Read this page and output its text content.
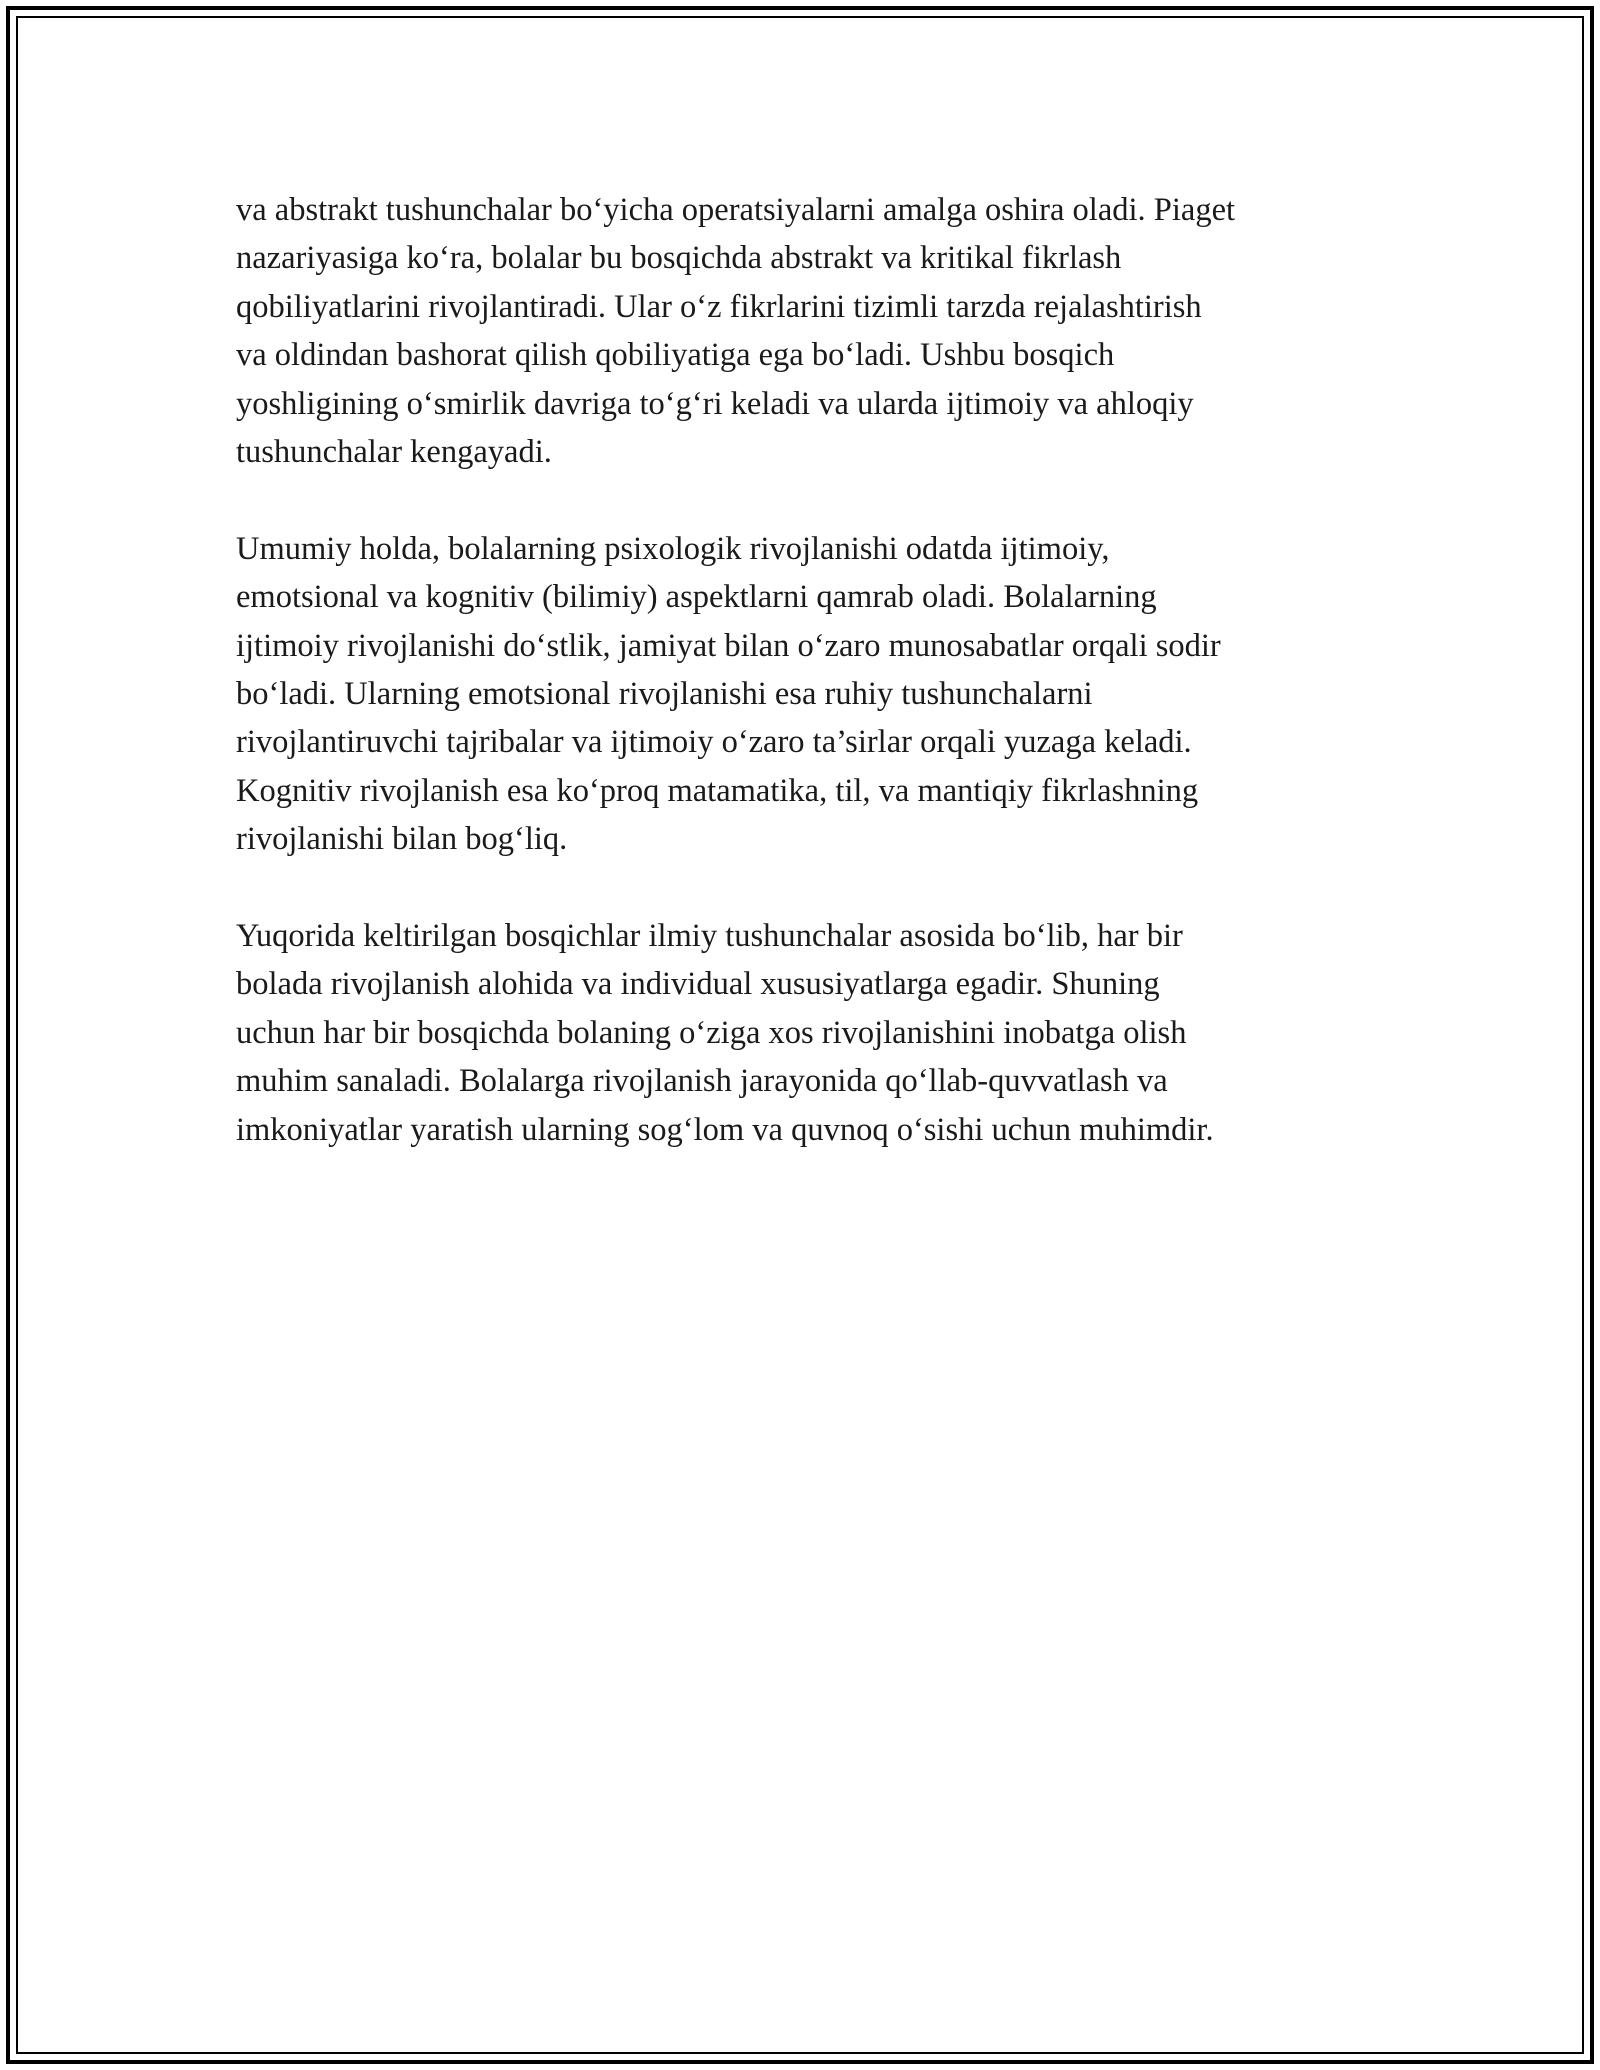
va abstrakt tushunchalar bo‘yicha operatsiyalarni amalga oshira oladi. Piaget
nazariyasiga ko‘ra, bolalar bu bosqichda abstrakt va kritikal fikrlash
qobiliyatlarini rivojlantiradi. Ular o‘z fikrlarini tizimli tarzda rejalashtirish
va oldindan bashorat qilish qobiliyatiga ega bo‘ladi. Ushbu bosqich
yoshligining o‘smirlik davriga to‘g‘ri keladi va ularda ijtimoiy va ahloqiy
tushunchalar kengayadi.

Umumiy holda, bolalarning psixologik rivojlanishi odatda ijtimoiy,
emotsional va kognitiv (bilimiy) aspektlarni qamrab oladi. Bolalarning
ijtimoiy rivojlanishi do‘stlik, jamiyat bilan o‘zaro munosabatlar orqali sodir
bo‘ladi. Ularning emotsional rivojlanishi esa ruhiy tushunchalarni
rivojlantiruvchi tajribalar va ijtimoiy o‘zaro ta’sirlar orqali yuzaga keladi.
Kognitiv rivojlanish esa ko‘proq matamatika, til, va mantiqiy fikrlashning
rivojlanishi bilan bog‘liq.

Yuqorida keltirilgan bosqichlar ilmiy tushunchalar asosida bo‘lib, har bir
bolada rivojlanish alohida va individual xususiyatlarga egadir. Shuning
uchun har bir bosqichda bolaning o‘ziga xos rivojlanishini inobatga olish
muhim sanaladi. Bolalarga rivojlanish jarayonida qo‘llab-quvvatlash va
imkoniyatlar yaratish ularning sog‘lom va quvnoq o‘sishi uchun muhimdir.
